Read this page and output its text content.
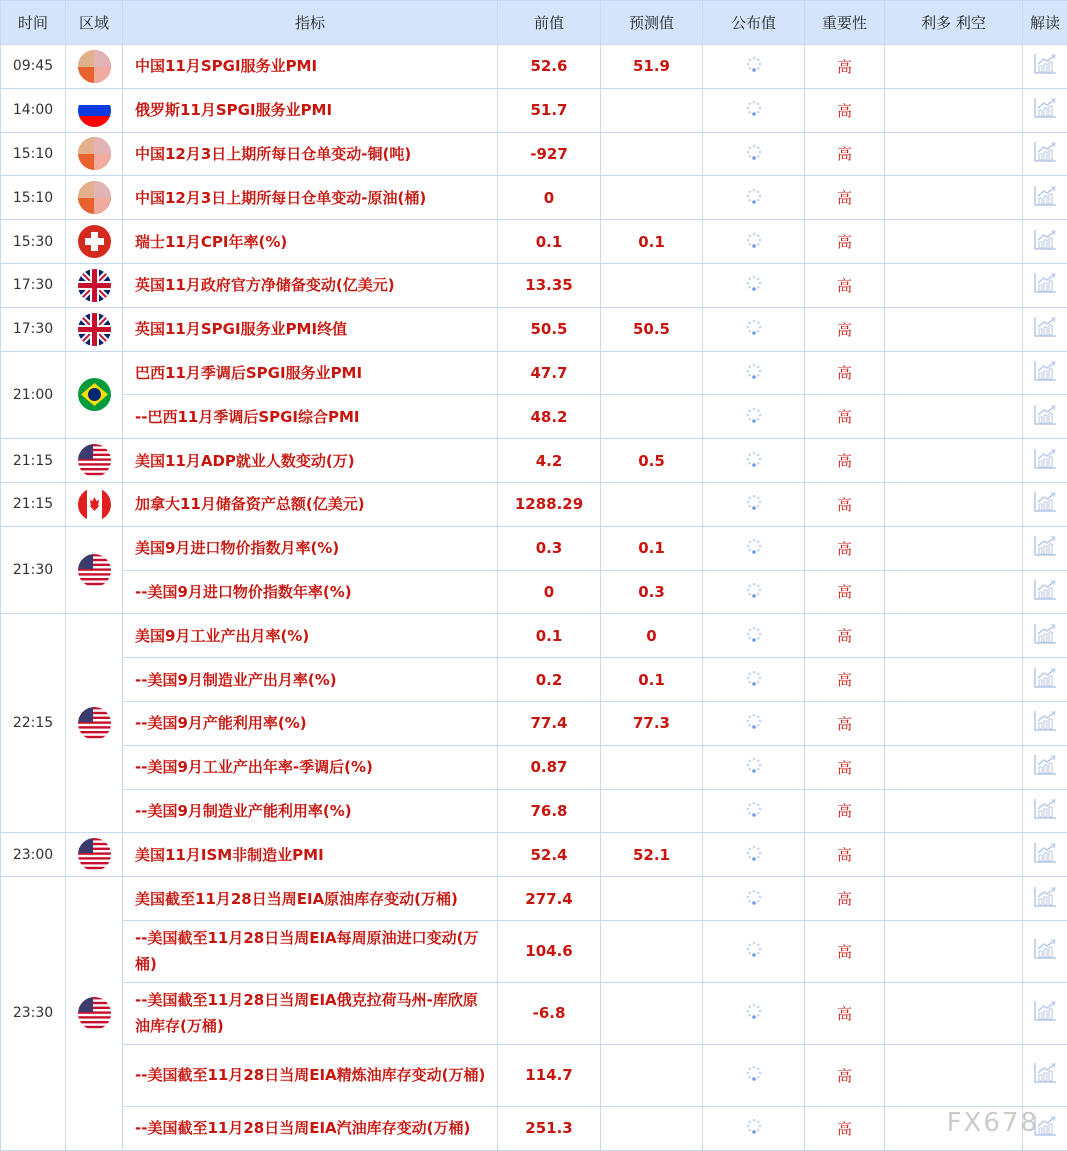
时间	区域	指标	前值	预测值	公布值	重要性	利多 利空	解读
09:45		中国11月SPGI服务业PMI	52.6	51.9		高		
14:00		俄罗斯11月SPGI服务业PMI	51.7			高		
15:10		中国12月3日上期所每日仓单变动-铜(吨)	-927			高		
15:10		中国12月3日上期所每日仓单变动-原油(桶)	0			高		
15:30		瑞士11月CPI年率(%)	0.1	0.1		高		
17:30		英国11月政府官方净储备变动(亿美元)	13.35			高		
17:30		英国11月SPGI服务业PMI终值	50.5	50.5		高		
21:00		巴西11月季调后SPGI服务业PMI	47.7			高		
		--巴西11月季调后SPGI综合PMI	48.2			高		
21:15		美国11月ADP就业人数变动(万)	4.2	0.5		高		
21:15		加拿大11月储备资产总额(亿美元)	1288.29			高		
21:30		美国9月进口物价指数月率(%)	0.3	0.1		高		
		--美国9月进口物价指数年率(%)	0	0.3		高		
22:15		美国9月工业产出月率(%)	0.1	0		高		
		--美国9月制造业产出月率(%)	0.2	0.1		高		
		--美国9月产能利用率(%)	77.4	77.3		高		
		--美国9月工业产出年率-季调后(%)	0.87			高		
		--美国9月制造业产能利用率(%)	76.8			高		
23:00		美国11月ISM非制造业PMI	52.4	52.1		高		
23:30		美国截至11月28日当周EIA原油库存变动(万桶)	277.4			高		
		--美国截至11月28日当周EIA每周原油进口变动(万桶)	104.6			高		
		--美国截至11月28日当周EIA俄克拉荷马州-库欣原油库存(万桶)	-6.8			高		
		--美国截至11月28日当周EIA精炼油库存变动(万桶)	114.7			高		
		--美国截至11月28日当周EIA汽油库存变动(万桶)	251.3			高			FX678
